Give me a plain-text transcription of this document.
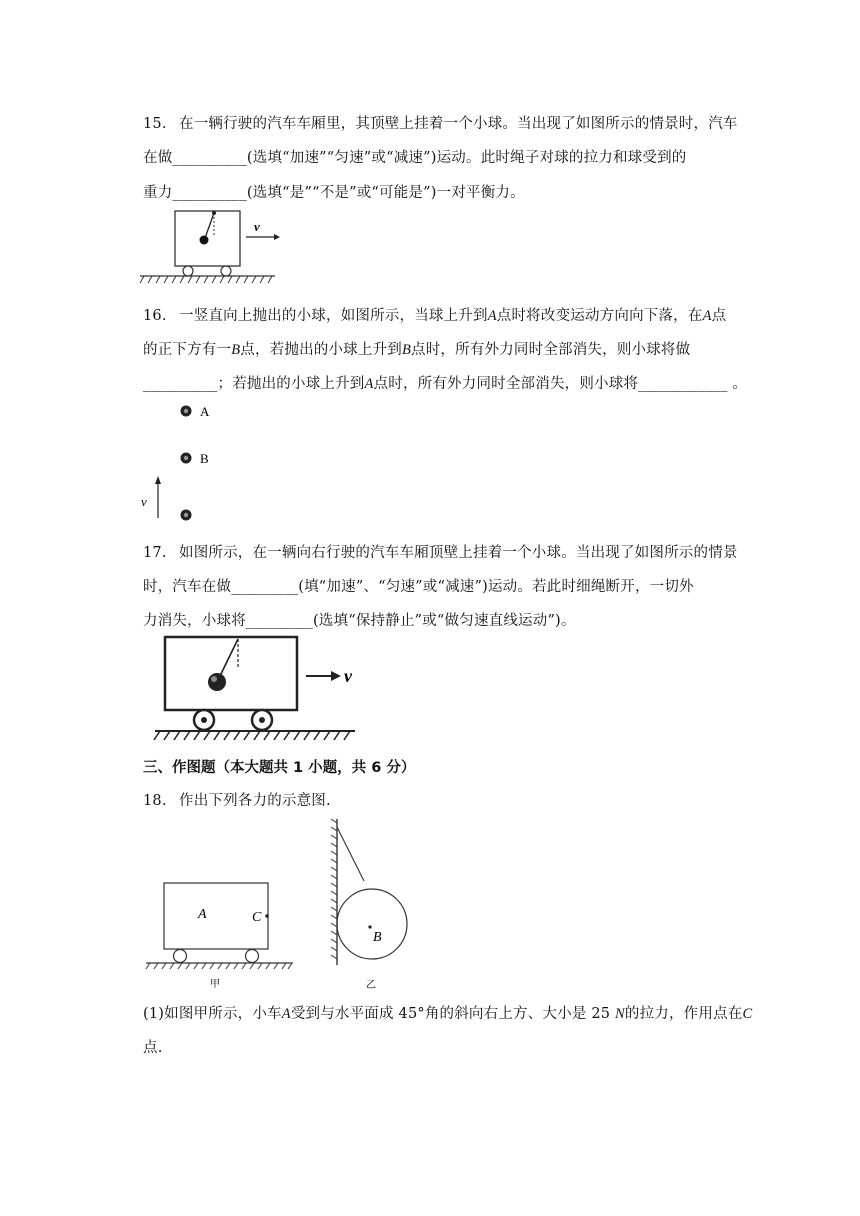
15. 在一辆行驶的汽车车厢里，其顶壁上挂着一个小球。当出现了如图所示的情景时，汽车
在做__________(选填“加速”“匀速”或“减速”)运动。此时绳子对球的拉力和球受到的
重力__________(选填“是”“不是”或“可能是”)一对平衡力。
v
16. 一竖直向上抛出的小球，如图所示，当球上升到A点时将改变运动方向向下落，在A点
的正下方有一B点，若抛出的小球上升到B点时，所有外力同时全部消失，则小球将做
__________；若抛出的小球上升到A点时，所有外力同时全部消失，则小球将____________ 。
A
B
v
17. 如图所示，在一辆向右行驶的汽车车厢顶壁上挂着一个小球。当出现了如图所示的情景
时，汽车在做_________(填“加速”、“匀速”或“减速”)运动。若此时细绳断开，一切外
力消失，小球将_________(选填“保持静止”或“做匀速直线运动”)。
v
三、作图题（本大题共 1 小题，共 6 分）
18. 作出下列各力的示意图.
A	C
甲
B
乙
(1)如图甲所示，小车A受到与水平面成 45°角的斜向右上方、大小是 25 N的拉力，作用点在C
点.
